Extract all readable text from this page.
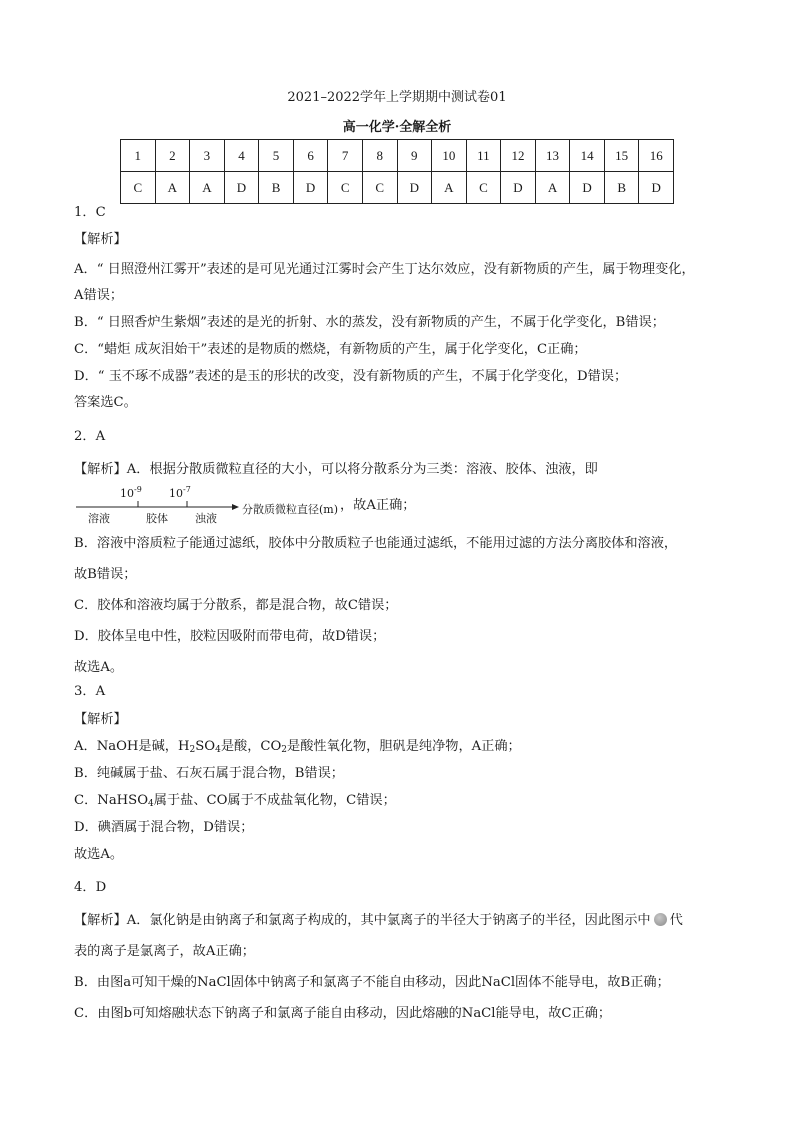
2021–2022学年上学期期中测试卷01
高一化学·全解全析
1	2	3	4	5	6	7	8	9	10	11	12	13	14	15	16
C	A	A	D	B	D	C	C	D	A	C	D	A	D	B	D
1．C
【解析】
A．“ 日照澄州江雾开”表述的是可见光通过江雾时会产生丁达尔效应，没有新物质的产生，属于物理变化，
A错误；
B．“ 日照香炉生紫烟”表述的是光的折射、水的蒸发，没有新物质的产生，不属于化学变化，B错误；
C．“蜡炬 成灰泪始干”表述的是物质的燃烧，有新物质的产生，属于化学变化，C正确；
D．“ 玉不琢不成器”表述的是玉的形状的改变，没有新物质的产生，不属于化学变化，D错误；
答案选C。
2．A
【解析】A．根据分散质微粒直径的大小，可以将分散系分为三类：溶液、胶体、浊液，即
$10^{-9}$ $10^{-7}$
溶液	胶体 浊液
分散质微粒直径(m) ，故A正确；
B．溶液中溶质粒子能通过滤纸，胶体中分散质粒子也能通过滤纸，不能用过滤的方法分离胶体和溶液，
故B错误；
C．胶体和溶液均属于分散系，都是混合物，故C错误；
D．胶体呈电中性，胶粒因吸附而带电荷，故D错误；
故选A。
3．A
【解析】
A．NaOH是碱，$H_2SO_4$是酸，$CO_2$是酸性氧化物，胆矾是纯净物，A正确；
B．纯碱属于盐、石灰石属于混合物，B错误；
C．NaHSO$_4$属于盐、CO属于不成盐氧化物，C错误；
D．碘酒属于混合物，D错误；
故选A。
4．D
【解析】A．氯化钠是由钠离子和氯离子构成的，其中氯离子的半径大于钠离子的半径，因此图示中 代
表的离子是氯离子，故A正确；
B．由图a可知干燥的NaCl固体中钠离子和氯离子不能自由移动，因此NaCl固体不能导电，故B正确；
C．由图b可知熔融状态下钠离子和氯离子能自由移动，因此熔融的NaCl能导电，故C正确；
